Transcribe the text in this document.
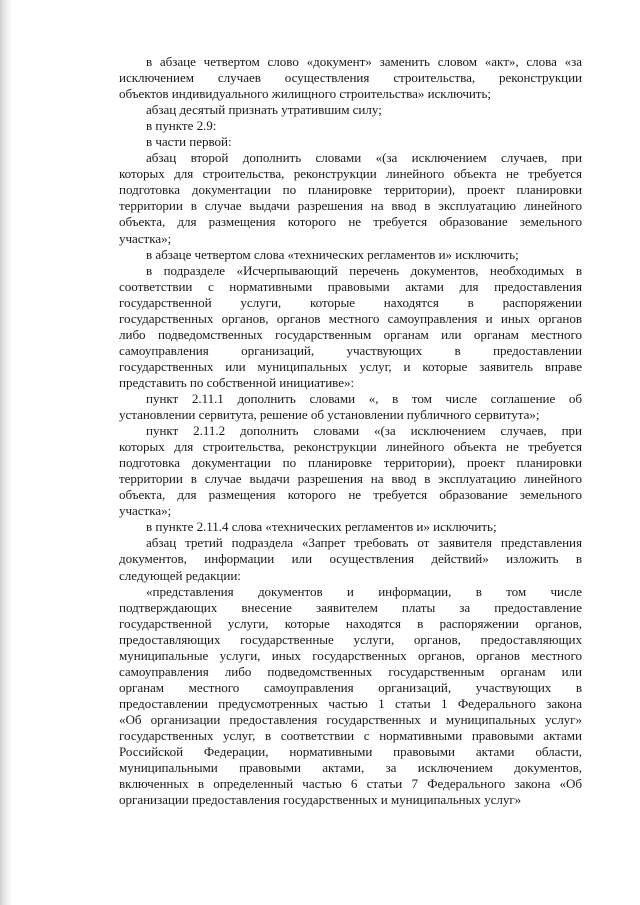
в абзаце четвертом слово «документ» заменить словом «акт», слова «за
исключением случаев осуществления строительства, реконструкции
объектов индивидуального жилищного строительства» исключить;
абзац десятый признать утратившим силу;
в пункте 2.9:
в части первой:
абзац второй дополнить словами «(за исключением случаев, при
которых для строительства, реконструкции линейного объекта не требуется
подготовка документации по планировке территории), проект планировки
территории в случае выдачи разрешения на ввод в эксплуатацию линейного
объекта, для размещения которого не требуется образование земельного
участка»;
в абзаце четвертом слова «технических регламентов и» исключить;
в подразделе «Исчерпывающий перечень документов, необходимых в
соответствии с нормативными правовыми актами для предоставления
государственной услуги, которые находятся в распоряжении
государственных органов, органов местного самоуправления и иных органов
либо подведомственных государственным органам или органам местного
самоуправления организаций, участвующих в предоставлении
государственных или муниципальных услуг, и которые заявитель вправе
представить по собственной инициативе»:
пункт 2.11.1 дополнить словами «, в том числе соглашение об
установлении сервитута, решение об установлении публичного сервитута»;
пункт 2.11.2 дополнить словами «(за исключением случаев, при
которых для строительства, реконструкции линейного объекта не требуется
подготовка документации по планировке территории), проект планировки
территории в случае выдачи разрешения на ввод в эксплуатацию линейного
объекта, для размещения которого не требуется образование земельного
участка»;
в пункте 2.11.4 слова «технических регламентов и» исключить;
абзац третий подраздела «Запрет требовать от заявителя представления
документов, информации или осуществления действий» изложить в
следующей редакции:
«представления документов и информации, в том числе
подтверждающих внесение заявителем платы за предоставление
государственной услуги, которые находятся в распоряжении органов,
предоставляющих государственные услуги, органов, предоставляющих
муниципальные услуги, иных государственных органов, органов местного
самоуправления либо подведомственных государственным органам или
органам местного самоуправления организаций, участвующих в
предоставлении предусмотренных частью 1 статьи 1 Федерального закона
«Об организации предоставления государственных и муниципальных услуг»
государственных услуг, в соответствии с нормативными правовыми актами
Российской Федерации, нормативными правовыми актами области,
муниципальными правовыми актами, за исключением документов,
включенных в определенный частью 6 статьи 7 Федерального закона «Об
организации предоставления государственных и муниципальных услуг»
